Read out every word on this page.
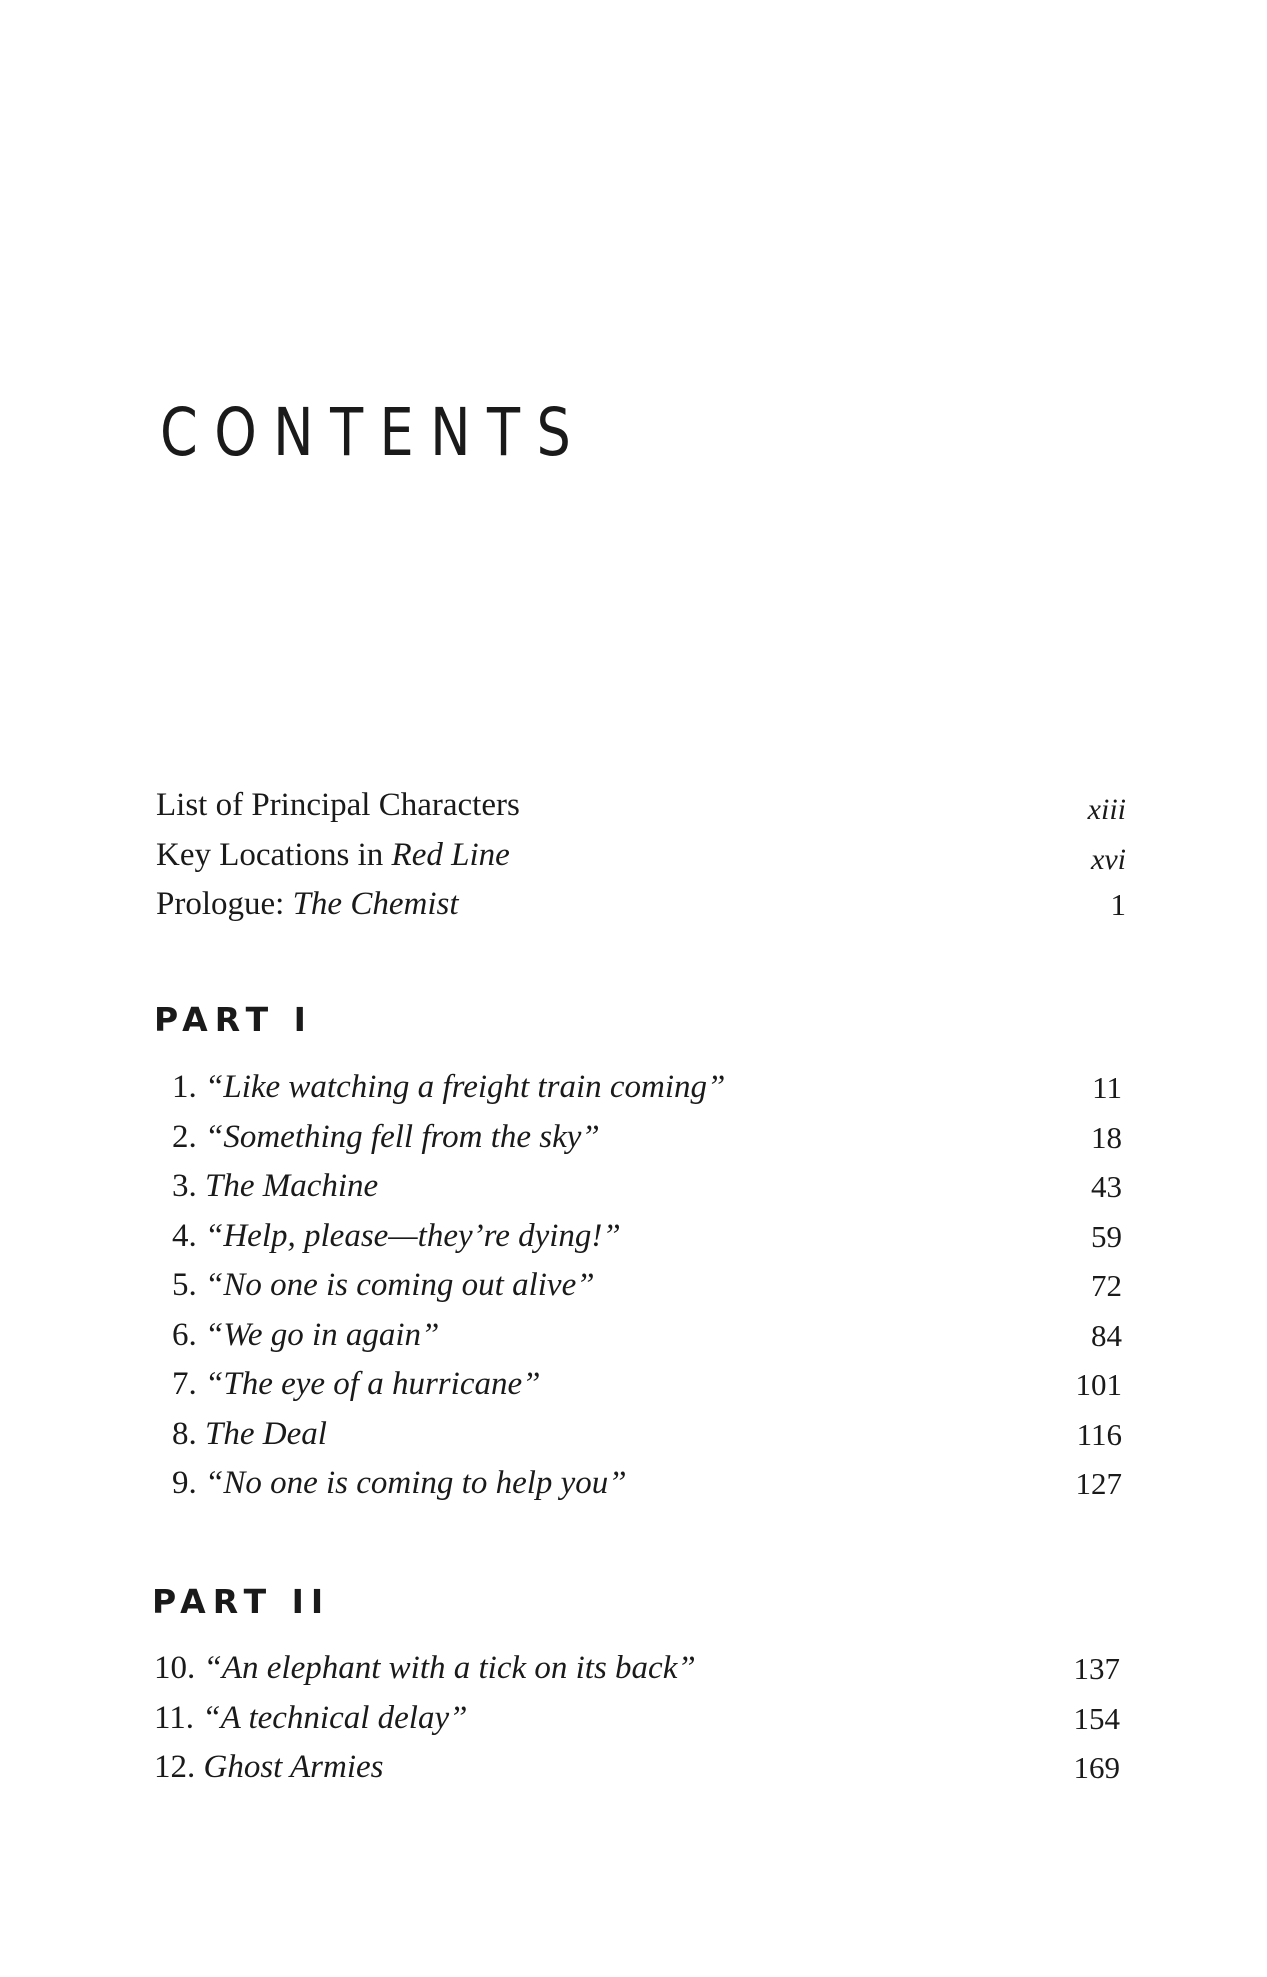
CONTENTS
List of Principal Characters	xiii
Key Locations in Red Line	xvi
Prologue: The Chemist	1
PART I
1. “Like watching a freight train coming”	11
2. “Something fell from the sky”	18
3. The Machine	43
4. “Help, please—they’re dying!”	59
5. “No one is coming out alive”	72
6. “We go in again”	84
7. “The eye of a hurricane”	101
8. The Deal	116
9. “No one is coming to help you”	127
PART II
10. “An elephant with a tick on its back”	137
11. “A technical delay”	154
12. Ghost Armies	169
